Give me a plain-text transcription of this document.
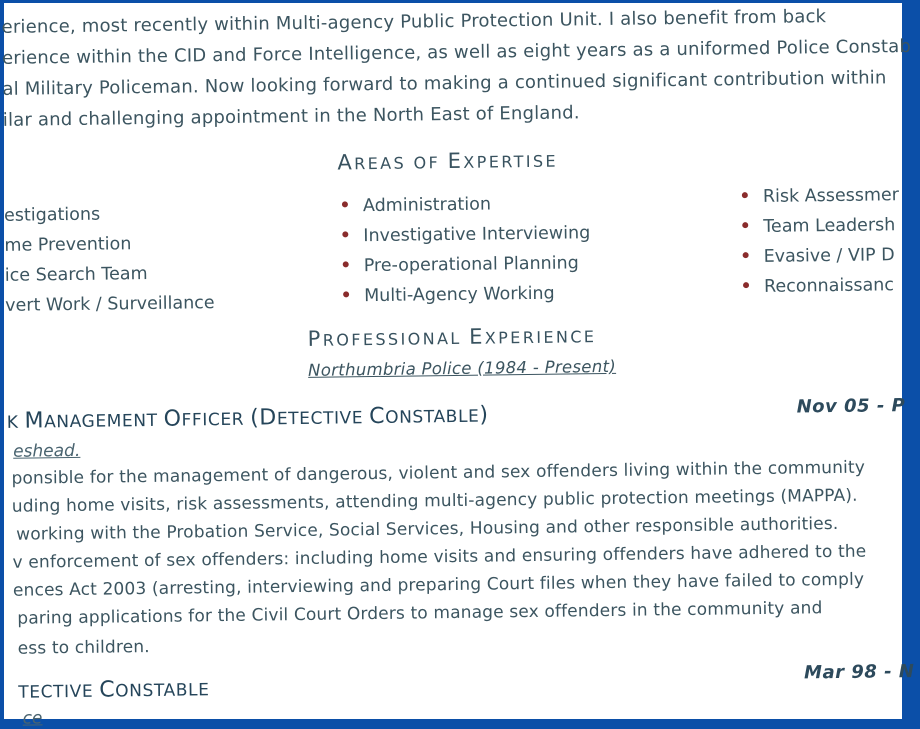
erience, most recently within Multi-agency Public Protection Unit. I also benefit from back
erience within the CID and Force Intelligence, as well as eight years as a uniformed Police Constab
al Military Policeman. Now looking forward to making a continued significant contribution within
ilar and challenging appointment in the North East of England.
AREAS OF EXPERTISE
estigations
me Prevention
ice Search Team
vert Work / Surveillance
Administration
Investigative Interviewing
Pre-operational Planning
Multi-Agency Working
Risk Assessmer
Team Leadersh
Evasive / VIP D
Reconnaissanc
PROFESSIONAL EXPERIENCE
Northumbria Police (1984 - Present)
K MANAGEMENT OFFICER (DETECTIVE CONSTABLE)	Nov 05 - P
eshead.
ponsible for the management of dangerous, violent and sex offenders living within the community
uding home visits, risk assessments, attending multi-agency public protection meetings (MAPPA).
working with the Probation Service, Social Services, Housing and other responsible authorities.
v enforcement of sex offenders: including home visits and ensuring offenders have adhered to the
ences Act 2003 (arresting, interviewing and preparing Court files when they have failed to comply
paring applications for the Civil Court Orders to manage sex offenders in the community and
ess to children.
TECTIVE CONSTABLE
Mar 98 - N
ce
